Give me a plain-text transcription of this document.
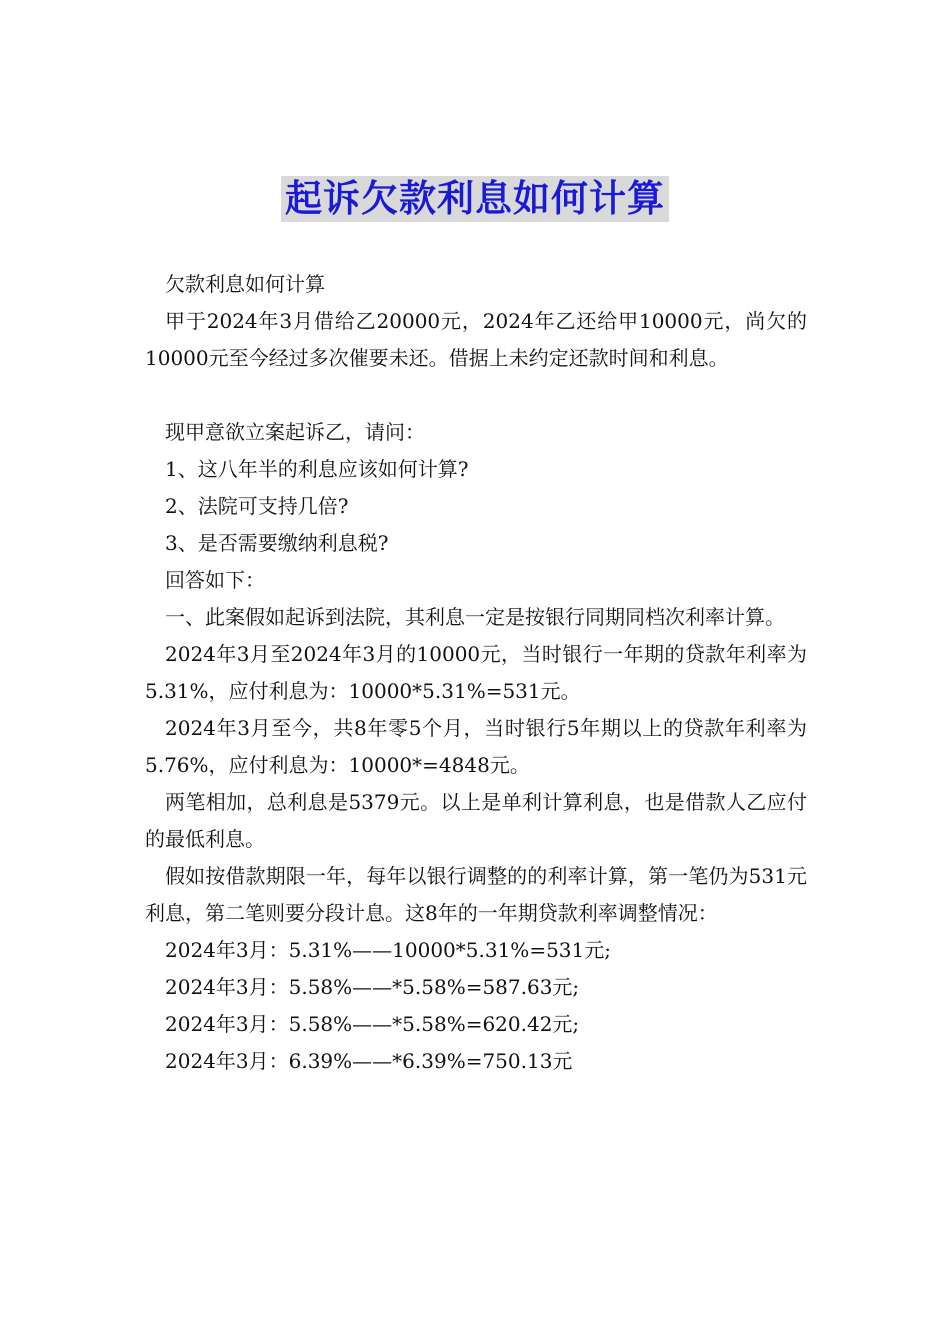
起诉欠款利息如何计算

欠款利息如何计算

甲于2024年3月借给乙20000元，2024年乙还给甲10000元，尚欠的10000元至今经过多次催要未还。借据上未约定还款时间和利息。

现甲意欲立案起诉乙，请问：

1、这八年半的利息应该如何计算?

2、法院可支持几倍?

3、是否需要缴纳利息税?

回答如下：

一、此案假如起诉到法院，其利息一定是按银行同期同档次利率计算。

2024年3月至2024年3月的10000元，当时银行一年期的贷款年利率为5.31%，应付利息为：10000*5.31%=531元。

2024年3月至今，共8年零5个月，当时银行5年期以上的贷款年利率为5.76%，应付利息为：10000*=4848元。

两笔相加，总利息是5379元。以上是单利计算利息，也是借款人乙应付的最低利息。

假如按借款期限一年，每年以银行调整的的利率计算，第一笔仍为531元利息，第二笔则要分段计息。这8年的一年期贷款利率调整情况：

2024年3月：5.31%——10000*5.31%=531元;

2024年3月：5.58%——*5.58%=587.63元;

2024年3月：5.58%——*5.58%=620.42元;

2024年3月：6.39%——*6.39%=750.13元
